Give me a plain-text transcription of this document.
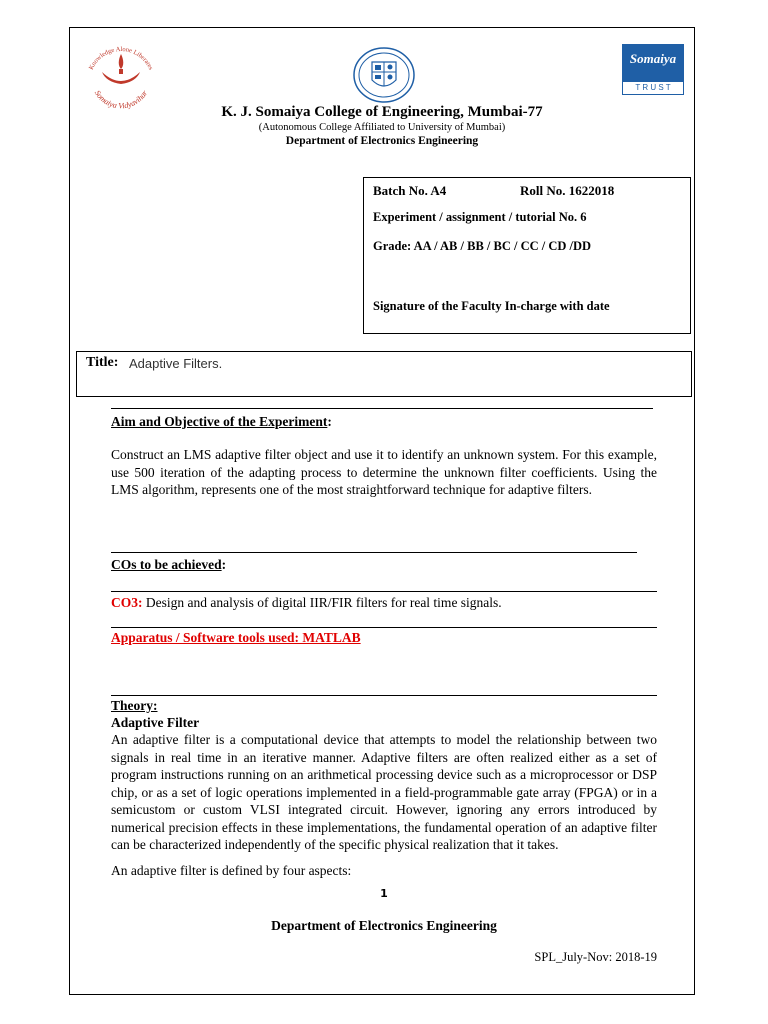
Knowledge Alone Liberates
Somaiya Vidyavihar
Somaiya
T R U S T
K. J. Somaiya College of Engineering, Mumbai-77
(Autonomous College Affiliated to University of Mumbai)
Department of Electronics Engineering
Batch No. A4	Roll No. 1622018
Experiment / assignment / tutorial No. 6
Grade: AA / AB / BB / BC / CC / CD /DD
Signature of the Faculty In-charge with date
Title: Adaptive Filters.
Aim and Objective of the Experiment:
Construct an LMS adaptive filter object and use it to identify an unknown system. For this example, use 500 iteration of the adapting process to determine the unknown filter coefficients. Using the LMS algorithm, represents one of the most straightforward technique for adaptive filters.
COs to be achieved:
CO3: Design and analysis of digital IIR/FIR filters for real time signals.
Apparatus / Software tools used: MATLAB
Theory:
Adaptive Filter
An adaptive filter is a computational device that attempts to model the relationship between two signals in real time in an iterative manner. Adaptive filters are often realized either as a set of program instructions running on an arithmetical processing device such as a microprocessor or DSP chip, or as a set of logic operations implemented in a field-programmable gate array (FPGA) or in a semicustom or custom VLSI integrated circuit. However, ignoring any errors introduced by numerical precision effects in these implementations, the fundamental operation of an adaptive filter can be characterized independently of the specific physical realization that it takes.
An adaptive filter is defined by four aspects:
1
Department of Electronics Engineering
SPL_July-Nov: 2018-19
